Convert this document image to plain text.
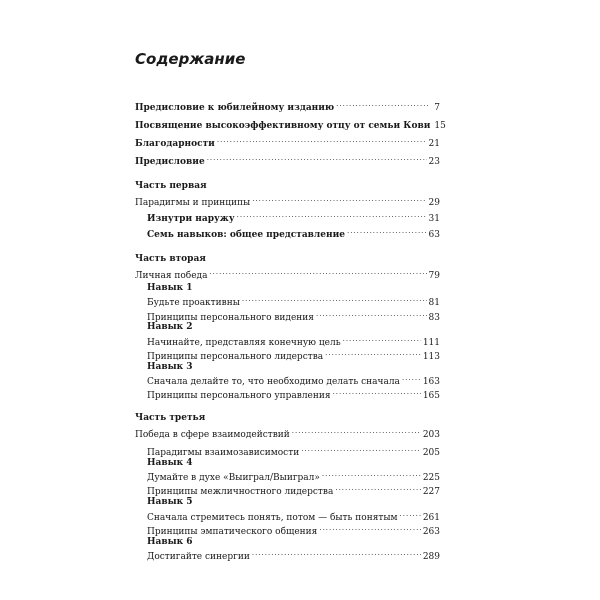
Содержание
Предисловие к юбилейному изданию .....	7
Посвящение высокоэффективному отцу от семьи Кови 15
Благодарности .....	21
Предисловие .....	23
Часть первая
Парадигмы и принципы .....	29
Изнутри наружу .....	31
Семь навыков: общее представление .....	63
Часть вторая
Личная победа .....	79
Навык 1
Будьте проактивны .....	81
Принципы персонального видения .....	83
Навык 2
Начинайте, представляя конечную цель .....	111
Принципы персонального лидерства .....	113
Навык 3
Сначала делайте то, что необходимо делать сначала .....	163
Принципы персонального управления .....	165
Часть третья
Победа в сфере взаимодействий .....	203
Парадигмы взаимозависимости .....	205
Навык 4
Думайте в духе «Выиграл/Выиграл» .....	225
Принципы межличностного лидерства .....	227
Навык 5
Сначала стремитесь понять, потом — быть понятым .....	261
Принципы эмпатического общения .....	263
Навык 6
Достигайте синергии .....	289
